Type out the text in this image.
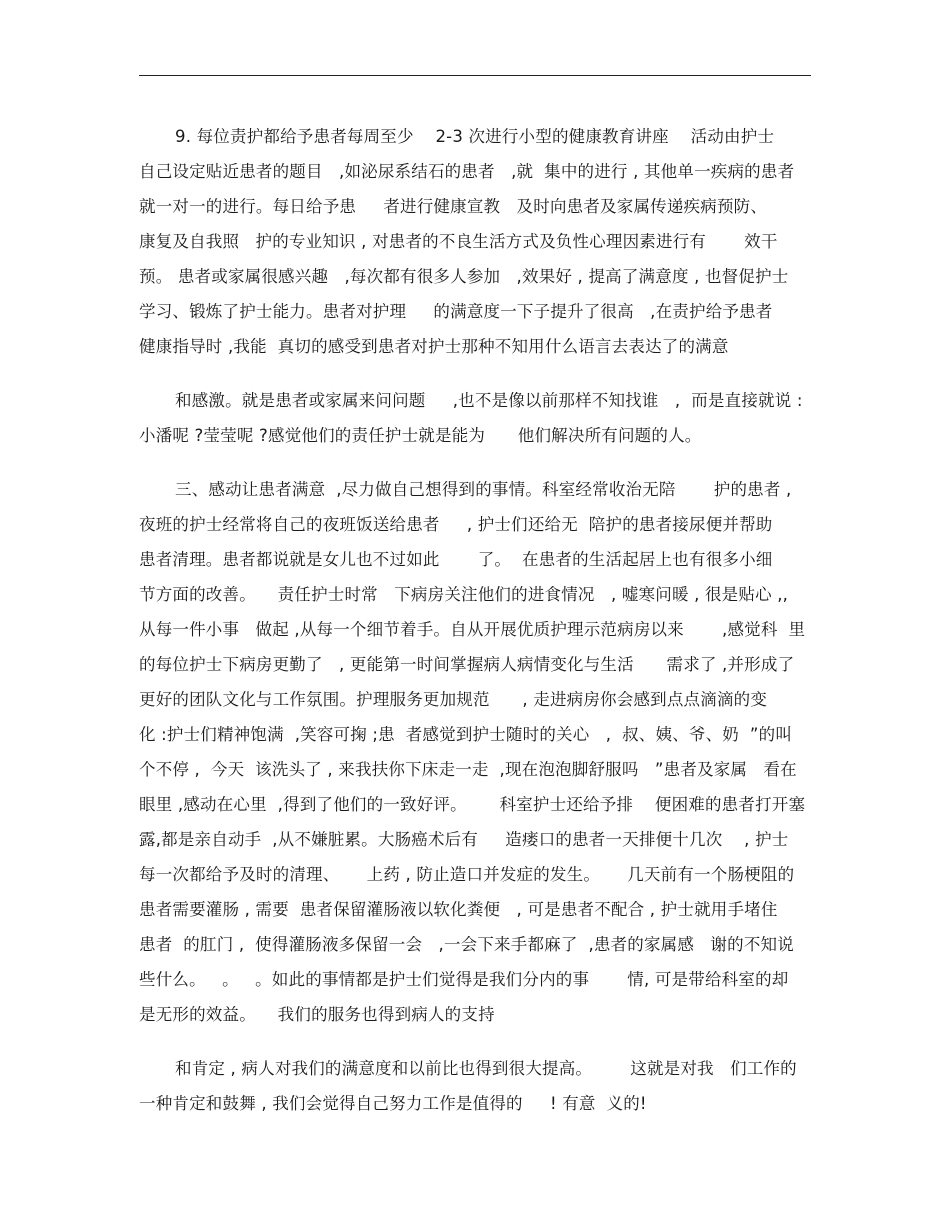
9. 每位责护都给予患者每周至少    2-3 次进行小型的健康教育讲座    活动由护士
自己设定贴近患者的题目   ,如泌尿系结石的患者   ,就  集中的进行 , 其他单一疾病的患者
就一对一的进行。每日给予患     者进行健康宣教   及时向患者及家属传递疾病预防、
康复及自我照   护的专业知识 , 对患者的不良生活方式及负性心理因素进行有       效干
预。 患者或家属很感兴趣   ,每次都有很多人参加   ,效果好 , 提高了满意度 , 也督促护士
学习、锻炼了护士能力。患者对护理     的满意度一下子提升了很高   ,在责护给予患者
健康指导时 ,我能  真切的感受到患者对护士那种不知用什么语言去表达了的满意
和感激。就是患者或家属来问问题     ,也不是像以前那样不知找谁   ,  而是直接就说 :
小潘呢 ?莹莹呢 ?感觉他们的责任护士就是能为      他们解决所有问题的人。
三、感动让患者满意  ,尽力做自己想得到的事情。科室经常收治无陪       护的患者 ,
夜班的护士经常将自己的夜班饭送给患者     , 护士们还给无  陪护的患者接尿便并帮助
患者清理。患者都说就是女儿也不过如此       了。  在患者的生活起居上也有很多小细
节方面的改善。    责任护士时常   下病房关注他们的进食情况   , 嘘寒问暖 , 很是贴心 ,,
从每一件小事   做起 ,从每一个细节着手。自从开展优质护理示范病房以来       ,感觉科  里
的每位护士下病房更勤了   , 更能第一时间掌握病人病情变化与生活      需求了 ,并形成了
更好的团队文化与工作氛围。护理服务更加规范      , 走进病房你会感到点点滴滴的变
化 :护士们精神饱满  ,笑容可掬 ;患  者感觉到护士随时的关心   ,  叔、姨、爷、奶  ”的叫
个不停 ,  今天  该洗头了 , 来我扶你下床走一走  ,现在泡泡脚舒服吗   ”患者及家属   看在
眼里 ,感动在心里  ,得到了他们的一致好评。      科室护士还给予排    便困难的患者打开塞
露,都是亲自动手  ,从不嫌脏累。大肠癌术后有     造瘘口的患者一天排便十几次    , 护士
每一次都给予及时的清理、     上药 , 防止造口并发症的发生。     几天前有一个肠梗阻的
患者需要灌肠 , 需要  患者保留灌肠液以软化粪便   , 可是患者不配合 , 护士就用手堵住
患者  的肛门 ,  使得灌肠液多保留一会   ,一会下来手都麻了  ,患者的家属感   谢的不知说
些什么。   。   。如此的事情都是护士们觉得是我们分内的事       情, 可是带给科室的却
是无形的效益。    我们的服务也得到病人的支持
和肯定 , 病人对我们的满意度和以前比也得到很大提高。       这就是对我   们工作的
一种肯定和鼓舞 , 我们会觉得自己努力工作是值得的     ! 有意  义的!
